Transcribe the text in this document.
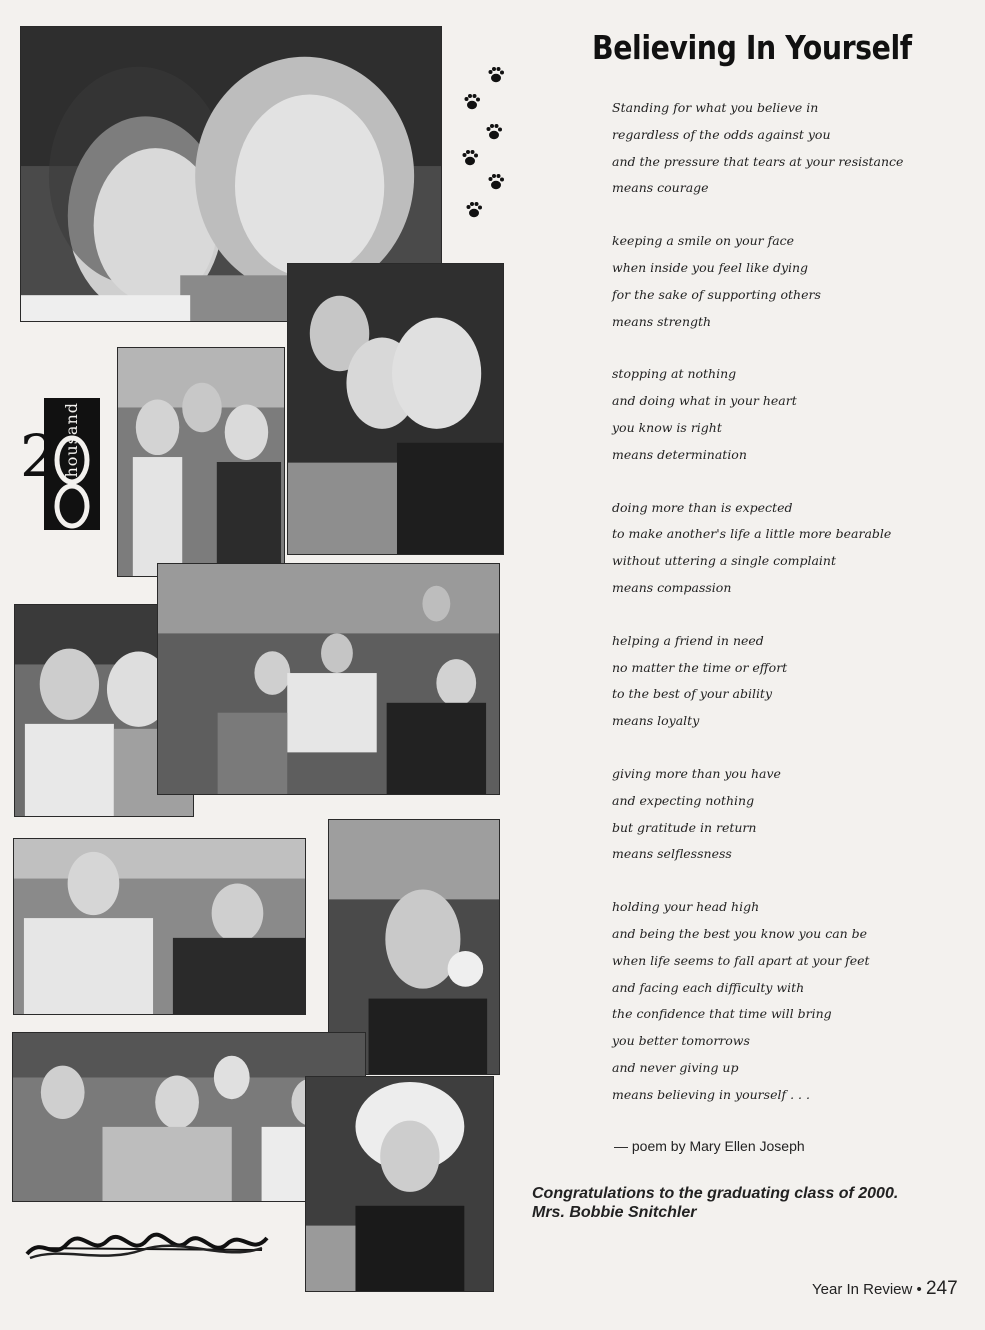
2 thousand
Believing In Yourself
Standing for what you believe in
regardless of the odds against you
and the pressure that tears at your resistance
means courage
keeping a smile on your face
when inside you feel like dying
for the sake of supporting others
means strength
stopping at nothing
and doing what in your heart
you know is right
means determination
doing more than is expected
to make another's life a little more bearable
without uttering a single complaint
means compassion
helping a friend in need
no matter the time or effort
to the best of your ability
means loyalty
giving more than you have
and expecting nothing
but gratitude in return
means selflessness
holding your head high
and being the best you know you can be
when life seems to fall apart at your feet
and facing each difficulty with
the confidence that time will bring
you better tomorrows
and never giving up
means believing in yourself . . .
— poem by Mary Ellen Joseph
Congratulations to the graduating class of 2000.
Mrs. Bobbie Snitchler
Year In Review • 247
